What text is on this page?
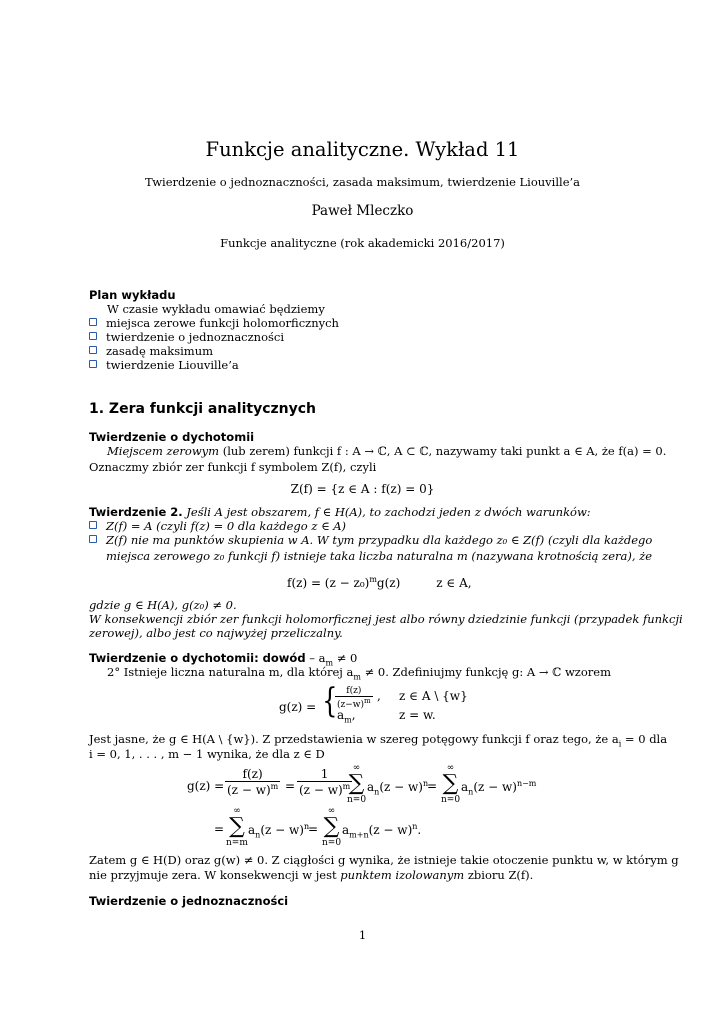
Funkcje analityczne. Wykład 11
Twierdzenie o jednoznaczności, zasada maksimum, twierdzenie Liouville’a
Paweł Mleczko
Funkcje analityczne (rok akademicki 2016/2017)
Plan wykładu
W czasie wykładu omawiać będziemy
miejsca zerowe funkcji holomorficznych
twierdzenie o jednoznaczności
zasadę maksimum
twierdzenie Liouville’a
1. Zera funkcji analitycznych
Twierdzenie o dychotomii
Miejscem zerowym (lub zerem) funkcji f : A → ℂ, A ⊂ ℂ, nazywamy taki punkt a ∈ A, że f(a) = 0.
Oznaczmy zbiór zer funkcji f symbolem Z(f), czyli
Z(f) = {z ∈ A : f(z) = 0}
Twierdzenie 2. Jeśli A jest obszarem, f ∈ H(A), to zachodzi jeden z dwóch warunków:
Z(f) = A (czyli f(z) = 0 dla każdego z ∈ A)
Z(f) nie ma punktów skupienia w A. W tym przypadku dla każdego z₀ ∈ Z(f) (czyli dla każdego
miejsca zerowego z₀ funkcji f) istnieje taka liczba naturalna m (nazywana krotnością zera), że
$f(z) = (z - z_0)^mg(z)$	z ∈ A,
gdzie g ∈ H(A), g(z₀) ≠ 0.
W konsekwencji zbiór zer funkcji holomorficznej jest albo równy dziedzinie funkcji (przypadek funkcji
zerowej), albo jest co najwyżej przeliczalny.
Twierdzenie o dychotomii: dowód – $a_m \ne 0$
2° Istnieje liczna naturalna m, dla której $a_m \ne 0$. Zdefiniujmy funkcję g: A → ℂ wzorem
g(z) = {
$\frac{f(z)}{(z-w)^m}$ , z ∈ A \ {w}
$a_m$,	z = w.
Jest jasne, że g ∈ H(A \ {w}). Z przedstawienia w szereg potęgowy funkcji f oraz tego, że $a_i = 0$ dla
i = 0, 1, . . . , m − 1 wynika, że dla z ∈ D
$g(z) = \frac{f(z)}{(z - w)^m} = \frac{1}{(z - w)^m}$ ∞
∑
n=0
$a_n(z - w)^n$
=
∞
∑
n=0
$a_n(z - w)^{n-m}$
=
∞
∑
n=m
$a_n(z - w)^n$
=
∞
∑
n=0
$a_{m+n}(z - w)^n$.
Zatem g ∈ H(D) oraz g(w) ≠ 0. Z ciągłości g wynika, że istnieje takie otoczenie punktu w, w którym g
nie przyjmuje zera. W konsekwencji w jest punktem izolowanym zbioru Z(f).
Twierdzenie o jednoznaczności
1
